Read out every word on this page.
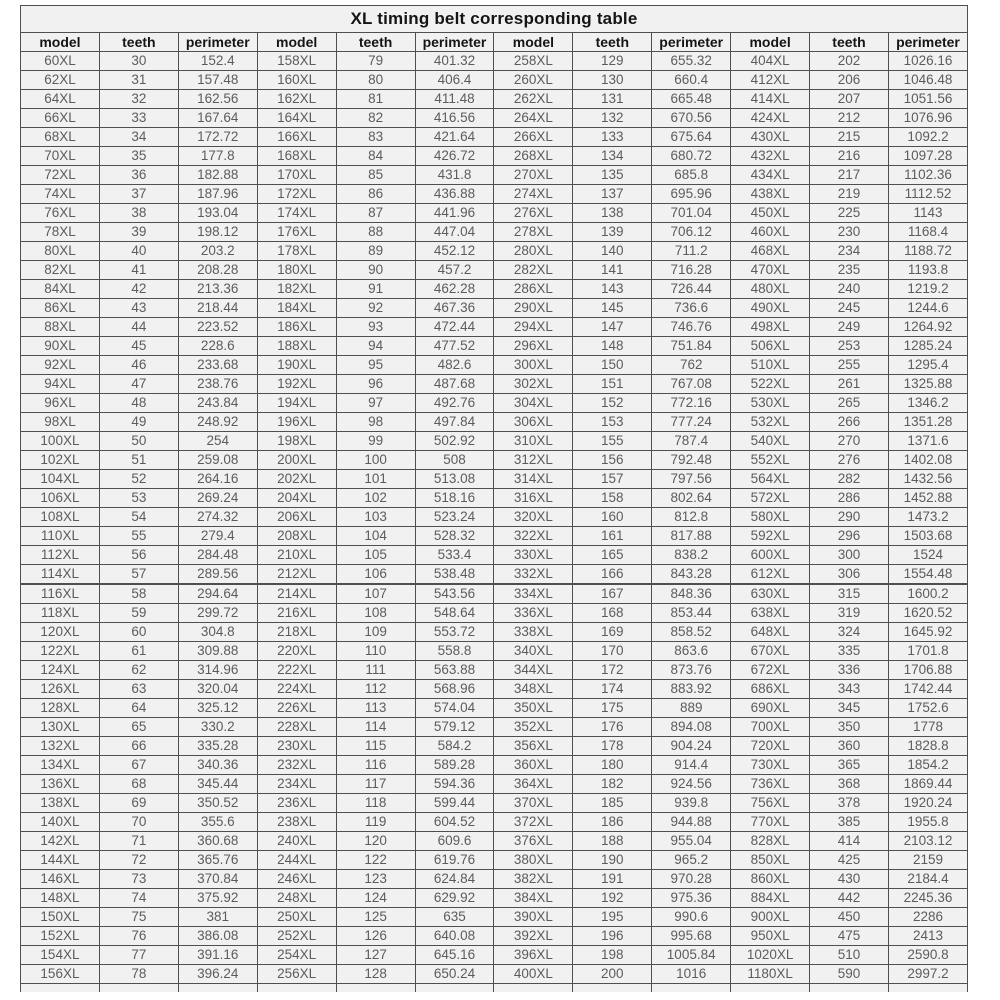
XL timing belt corresponding table											
model	teeth	perimeter	model	teeth	perimeter	model	teeth	perimeter	model	teeth	perimeter
60XL	30	152.4	158XL	79	401.32	258XL	129	655.32	404XL	202	1026.16
62XL	31	157.48	160XL	80	406.4	260XL	130	660.4	412XL	206	1046.48
64XL	32	162.56	162XL	81	411.48	262XL	131	665.48	414XL	207	1051.56
66XL	33	167.64	164XL	82	416.56	264XL	132	670.56	424XL	212	1076.96
68XL	34	172.72	166XL	83	421.64	266XL	133	675.64	430XL	215	1092.2
70XL	35	177.8	168XL	84	426.72	268XL	134	680.72	432XL	216	1097.28
72XL	36	182.88	170XL	85	431.8	270XL	135	685.8	434XL	217	1102.36
74XL	37	187.96	172XL	86	436.88	274XL	137	695.96	438XL	219	1112.52
76XL	38	193.04	174XL	87	441.96	276XL	138	701.04	450XL	225	1143
78XL	39	198.12	176XL	88	447.04	278XL	139	706.12	460XL	230	1168.4
80XL	40	203.2	178XL	89	452.12	280XL	140	711.2	468XL	234	1188.72
82XL	41	208.28	180XL	90	457.2	282XL	141	716.28	470XL	235	1193.8
84XL	42	213.36	182XL	91	462.28	286XL	143	726.44	480XL	240	1219.2
86XL	43	218.44	184XL	92	467.36	290XL	145	736.6	490XL	245	1244.6
88XL	44	223.52	186XL	93	472.44	294XL	147	746.76	498XL	249	1264.92
90XL	45	228.6	188XL	94	477.52	296XL	148	751.84	506XL	253	1285.24
92XL	46	233.68	190XL	95	482.6	300XL	150	762	510XL	255	1295.4
94XL	47	238.76	192XL	96	487.68	302XL	151	767.08	522XL	261	1325.88
96XL	48	243.84	194XL	97	492.76	304XL	152	772.16	530XL	265	1346.2
98XL	49	248.92	196XL	98	497.84	306XL	153	777.24	532XL	266	1351.28
100XL	50	254	198XL	99	502.92	310XL	155	787.4	540XL	270	1371.6
102XL	51	259.08	200XL	100	508	312XL	156	792.48	552XL	276	1402.08
104XL	52	264.16	202XL	101	513.08	314XL	157	797.56	564XL	282	1432.56
106XL	53	269.24	204XL	102	518.16	316XL	158	802.64	572XL	286	1452.88
108XL	54	274.32	206XL	103	523.24	320XL	160	812.8	580XL	290	1473.2
110XL	55	279.4	208XL	104	528.32	322XL	161	817.88	592XL	296	1503.68
112XL	56	284.48	210XL	105	533.4	330XL	165	838.2	600XL	300	1524
114XL	57	289.56	212XL	106	538.48	332XL	166	843.28	612XL	306	1554.48
116XL	58	294.64	214XL	107	543.56	334XL	167	848.36	630XL	315	1600.2
118XL	59	299.72	216XL	108	548.64	336XL	168	853.44	638XL	319	1620.52
120XL	60	304.8	218XL	109	553.72	338XL	169	858.52	648XL	324	1645.92
122XL	61	309.88	220XL	110	558.8	340XL	170	863.6	670XL	335	1701.8
124XL	62	314.96	222XL	111	563.88	344XL	172	873.76	672XL	336	1706.88
126XL	63	320.04	224XL	112	568.96	348XL	174	883.92	686XL	343	1742.44
128XL	64	325.12	226XL	113	574.04	350XL	175	889	690XL	345	1752.6
130XL	65	330.2	228XL	114	579.12	352XL	176	894.08	700XL	350	1778
132XL	66	335.28	230XL	115	584.2	356XL	178	904.24	720XL	360	1828.8
134XL	67	340.36	232XL	116	589.28	360XL	180	914.4	730XL	365	1854.2
136XL	68	345.44	234XL	117	594.36	364XL	182	924.56	736XL	368	1869.44
138XL	69	350.52	236XL	118	599.44	370XL	185	939.8	756XL	378	1920.24
140XL	70	355.6	238XL	119	604.52	372XL	186	944.88	770XL	385	1955.8
142XL	71	360.68	240XL	120	609.6	376XL	188	955.04	828XL	414	2103.12
144XL	72	365.76	244XL	122	619.76	380XL	190	965.2	850XL	425	2159
146XL	73	370.84	246XL	123	624.84	382XL	191	970.28	860XL	430	2184.4
148XL	74	375.92	248XL	124	629.92	384XL	192	975.36	884XL	442	2245.36
150XL	75	381	250XL	125	635	390XL	195	990.6	900XL	450	2286
152XL	76	386.08	252XL	126	640.08	392XL	196	995.68	950XL	475	2413
154XL	77	391.16	254XL	127	645.16	396XL	198	1005.84	1020XL	510	2590.8
156XL	78	396.24	256XL	128	650.24	400XL	200	1016	1180XL	590	2997.2
